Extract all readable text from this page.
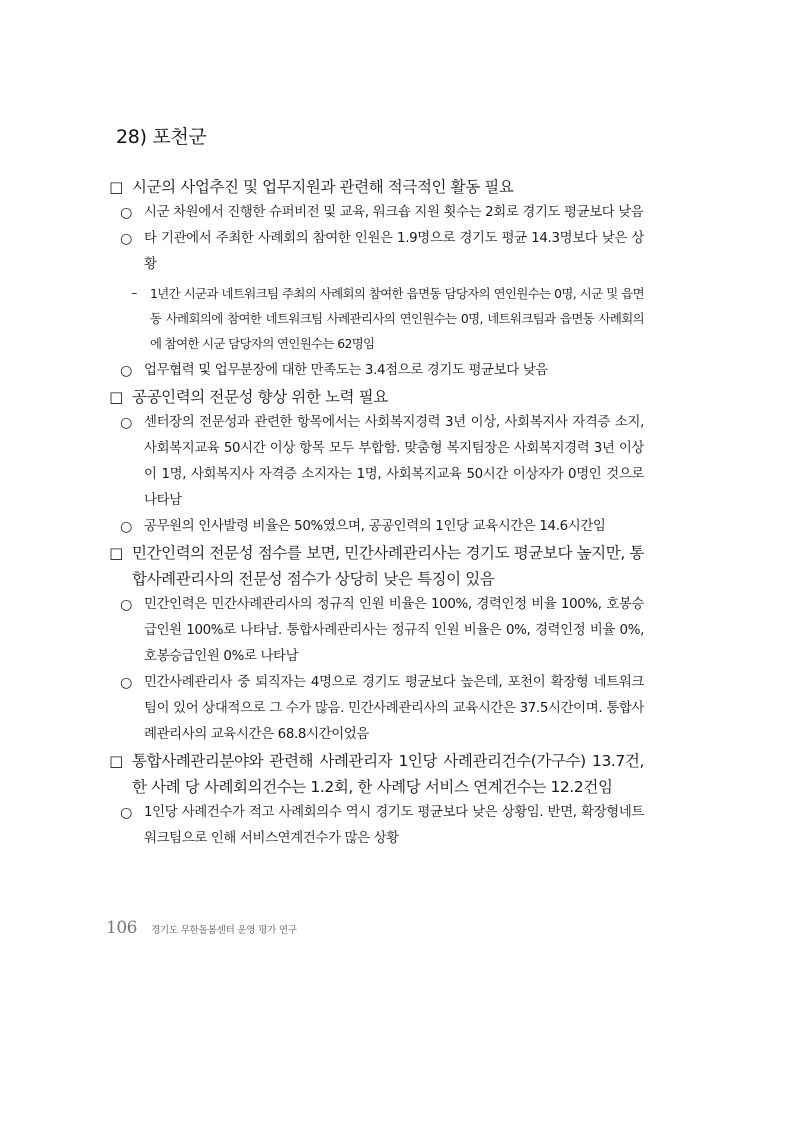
28) 포천군
□ 시군의 사업추진 및 업무지원과 관련해 적극적인 활동 필요
○ 시군 차원에서 진행한 슈퍼비전 및 교육, 워크숍 지원 횟수는 2회로 경기도 평균보다 낮음
○ 타 기관에서 주최한 사례회의 참여한 인원은 1.9명으로 경기도 평균 14.3명보다 낮은 상황
–	1년간 시군과 네트워크팀 주최의 사례회의 참여한 읍면동 담당자의 연인원수는 0명, 시군 및 읍면동 사례회의에 참여한 네트워크팀 사례관리사의 연인원수는 0명, 네트워크팀과 읍면동 사례회의에 참여한 시군 담당자의 연인원수는 62명임
○ 업무협력 및 업무분장에 대한 만족도는 3.4점으로 경기도 평균보다 낮음
□ 공공인력의 전문성 향상 위한 노력 필요
○ 센터장의 전문성과 관련한 항목에서는 사회복지경력 3년 이상, 사회복지사 자격증 소지, 사회복지교육 50시간 이상 항목 모두 부합함. 맞춤형 복지팀장은 사회복지경력 3년 이상이 1명, 사회복지사 자격증 소지자는 1명, 사회복지교육 50시간 이상자가 0명인 것으로 나타남
○ 공무원의 인사발령 비율은 50%였으며, 공공인력의 1인당 교육시간은 14.6시간임
□ 민간인력의 전문성 점수를 보면, 민간사례관리사는 경기도 평균보다 높지만, 통합사례관리사의 전문성 점수가 상당히 낮은 특징이 있음
○ 민간인력은 민간사례관리사의 정규직 인원 비율은 100%, 경력인정 비율 100%, 호봉승급인원 100%로 나타남. 통합사례관리사는 정규직 인원 비율은 0%, 경력인정 비율 0%, 호봉승급인원 0%로 나타남
○ 민간사례관리사 중 퇴직자는 4명으로 경기도 평균보다 높은데, 포천이 확장형 네트워크팀이 있어 상대적으로 그 수가 많음. 민간사례관리사의 교육시간은 37.5시간이며. 통합사례관리사의 교육시간은 68.8시간이었음
□ 통합사례관리분야와 관련해 사례관리자 1인당 사례관리건수(가구수) 13.7건, 한 사례 당 사례회의건수는 1.2회, 한 사례당 서비스 연계건수는 12.2건임
○ 1인당 사례건수가 적고 사례회의수 역시 경기도 평균보다 낮은 상황임. 반면, 확장형네트워크팀으로 인해 서비스연계건수가 많은 상황
106 경기도 무한돌봄센터 운영 평가 연구
